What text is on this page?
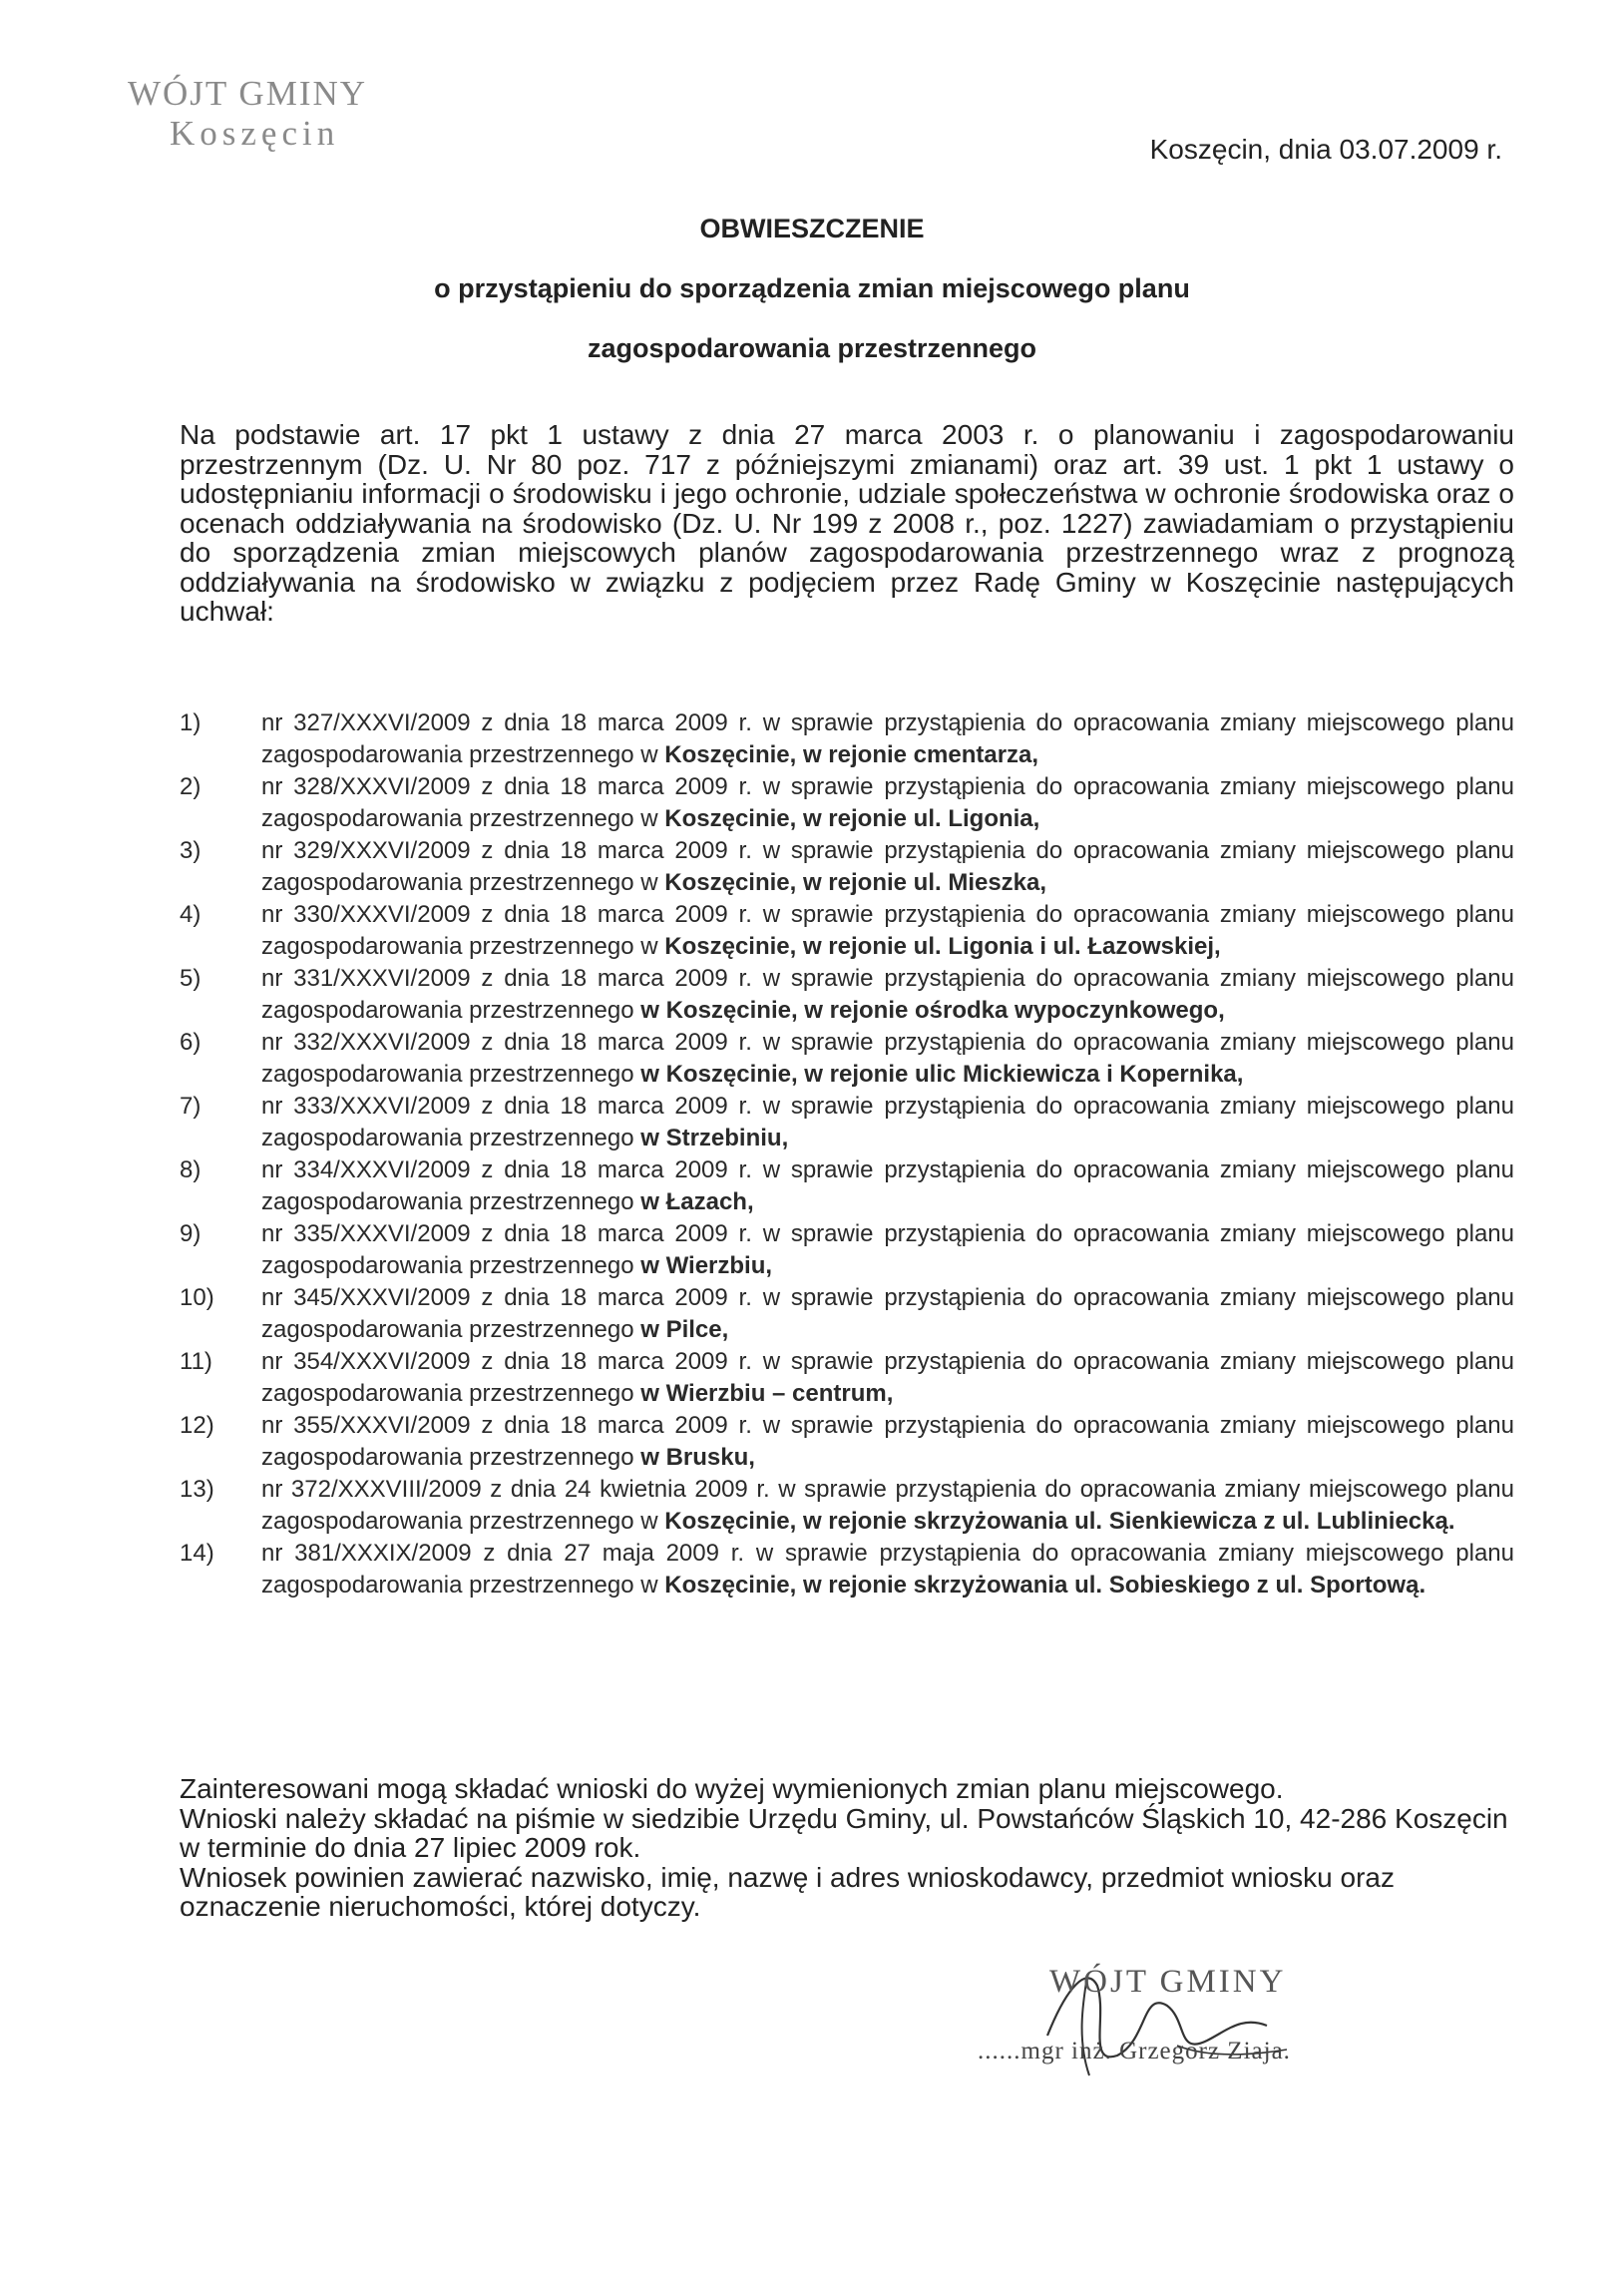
WÓJT GMINY
Koszęcin	Koszęcin, dnia 03.07.2009 r.
OBWIESZCZENIE
o przystąpieniu do sporządzenia zmian miejscowego planu
zagospodarowania przestrzennego
Na podstawie art. 17 pkt 1 ustawy z dnia 27 marca 2003 r. o planowaniu i zagospodarowaniu przestrzennym (Dz. U. Nr 80 poz. 717 z późniejszymi zmianami) oraz art. 39 ust. 1 pkt 1 ustawy o udostępnianiu informacji o środowisku i jego ochronie, udziale społeczeństwa w ochronie środowiska oraz o ocenach oddziaływania na środowisko (Dz. U. Nr 199 z 2008 r., poz. 1227) zawiadamiam o przystąpieniu do sporządzenia zmian miejscowych planów zagospodarowania przestrzennego wraz z prognozą oddziaływania na środowisko w związku z podjęciem przez Radę Gminy w Koszęcinie następujących uchwał:
1)	nr 327/XXXVI/2009 z dnia 18 marca 2009 r. w sprawie przystąpienia do opracowania zmiany miejscowego planu zagospodarowania przestrzennego w Koszęcinie, w rejonie cmentarza,
2)	nr 328/XXXVI/2009 z dnia 18 marca 2009 r. w sprawie przystąpienia do opracowania zmiany miejscowego planu zagospodarowania przestrzennego w Koszęcinie, w rejonie ul. Ligonia,
3)	nr 329/XXXVI/2009 z dnia 18 marca 2009 r. w sprawie przystąpienia do opracowania zmiany miejscowego planu zagospodarowania przestrzennego w Koszęcinie, w rejonie ul. Mieszka,
4)	nr 330/XXXVI/2009 z dnia 18 marca 2009 r. w sprawie przystąpienia do opracowania zmiany miejscowego planu zagospodarowania przestrzennego w Koszęcinie, w rejonie ul. Ligonia i ul. Łazowskiej,
5)	nr 331/XXXVI/2009 z dnia 18 marca 2009 r. w sprawie przystąpienia do opracowania zmiany miejscowego planu zagospodarowania przestrzennego w Koszęcinie, w rejonie ośrodka wypoczynkowego,
6)	nr 332/XXXVI/2009 z dnia 18 marca 2009 r. w sprawie przystąpienia do opracowania zmiany miejscowego planu zagospodarowania przestrzennego w Koszęcinie, w rejonie ulic Mickiewicza i Kopernika,
7)	nr 333/XXXVI/2009 z dnia 18 marca 2009 r. w sprawie przystąpienia do opracowania zmiany miejscowego planu zagospodarowania przestrzennego w Strzebiniu,
8)	nr 334/XXXVI/2009 z dnia 18 marca 2009 r. w sprawie przystąpienia do opracowania zmiany miejscowego planu zagospodarowania przestrzennego w Łazach,
9)	nr 335/XXXVI/2009 z dnia 18 marca 2009 r. w sprawie przystąpienia do opracowania zmiany miejscowego planu zagospodarowania przestrzennego w Wierzbiu,
10)	nr 345/XXXVI/2009 z dnia 18 marca 2009 r. w sprawie przystąpienia do opracowania zmiany miejscowego planu zagospodarowania przestrzennego w Pilce,
11)	nr 354/XXXVI/2009 z dnia 18 marca 2009 r. w sprawie przystąpienia do opracowania zmiany miejscowego planu zagospodarowania przestrzennego w Wierzbiu – centrum,
12)	nr 355/XXXVI/2009 z dnia 18 marca 2009 r. w sprawie przystąpienia do opracowania zmiany miejscowego planu zagospodarowania przestrzennego w Brusku,
13)	nr 372/XXXVIII/2009 z dnia 24 kwietnia 2009 r. w sprawie przystąpienia do opracowania zmiany miejscowego planu zagospodarowania przestrzennego w Koszęcinie, w rejonie skrzyżowania ul. Sienkiewicza z ul. Lubliniecką.
14)	nr 381/XXXIX/2009 z dnia 27 maja 2009 r. w sprawie przystąpienia do opracowania zmiany miejscowego planu zagospodarowania przestrzennego w Koszęcinie, w rejonie skrzyżowania ul. Sobieskiego z ul. Sportową.

Zainteresowani mogą składać wnioski do wyżej wymienionych zmian planu miejscowego.

Wnioski należy składać na piśmie w siedzibie Urzędu Gminy, ul. Powstańców Śląskich 10, 42-286 Koszęcin w terminie do dnia 27 lipiec 2009 rok.

Wniosek powinien zawierać nazwisko, imię, nazwę i adres wnioskodawcy, przedmiot wniosku oraz oznaczenie nieruchomości, której dotyczy.

WÓJT GMINY
......mgr inż. Grzegorz Ziaja.
